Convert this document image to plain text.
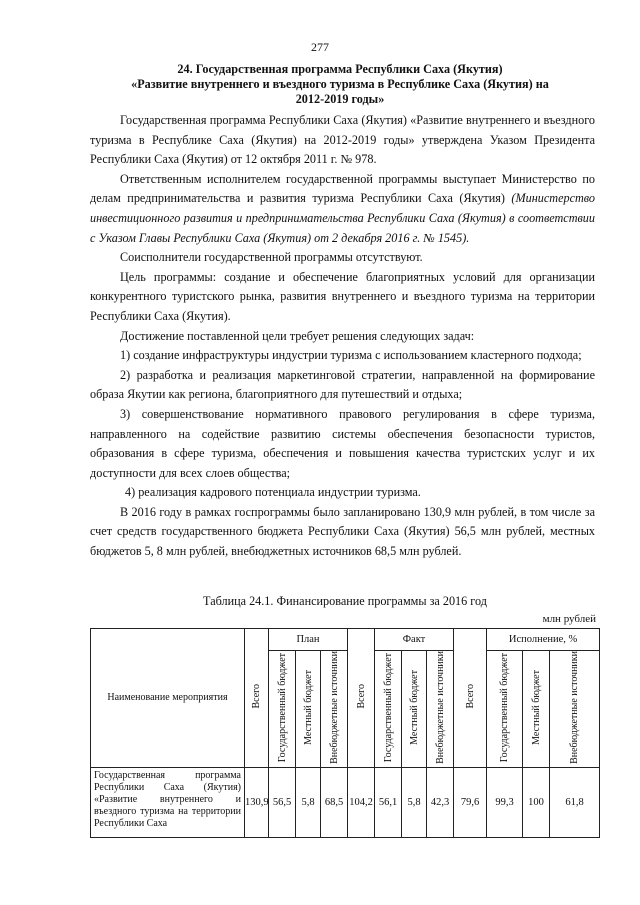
277
24. Государственная программа Республики Саха (Якутия)
«Развитие внутреннего и въездного туризма в Республике Саха (Якутия) на
2012-2019 годы»

Государственная программа Республики Саха (Якутия) «Развитие внутреннего и въездного туризма в Республике Саха (Якутия) на 2012-2019 годы» утверждена Указом Президента Республики Саха (Якутия) от 12 октября 2011 г. № 978.

Ответственным исполнителем государственной программы выступает Министерство по делам предпринимательства и развития туризма Республики Саха (Якутия) (Министерство инвестиционного развития и предпринимательства Республики Саха (Якутия) в соответствии с Указом Главы Республики Саха (Якутия) от 2 декабря 2016 г. № 1545).

Соисполнители государственной программы отсутствуют.

Цель программы: создание и обеспечение благоприятных условий для организации конкурентного туристского рынка, развития внутреннего и въездного туризма на территории Республики Саха (Якутия).

Достижение поставленной цели требует решения следующих задач:

1) создание инфраструктуры индустрии туризма с использованием кластерного подхода;

2) разработка и реализация маркетинговой стратегии, направленной на формирование образа Якутии как региона, благоприятного для путешествий и отдыха;

3) совершенствование нормативного правового регулирования в сфере туризма, направленного на содействие развитию системы обеспечения безопасности туристов, образования в сфере туризма, обеспечения и повышения качества туристских услуг и их доступности для всех слоев общества;

4) реализация кадрового потенциала индустрии туризма.

В 2016 году в рамках госпрограммы было запланировано 130,9 млн рублей, в том числе за счет средств государственного бюджета Республики Саха (Якутия) 56,5 млн рублей, местных бюджетов 5, 8 млн рублей, внебюджетных источников 68,5 млн рублей.

Таблица 24.1. Финансирование программы за 2016 год
млн рублей
Наименование мероприятия	Всего	План			Всего	Факт			Всего	Исполнение, %		
		Государственный бюджет	Местный бюджет	Внебюджетные источники		Государственный бюджет	Местный бюджет	Внебюджетные источники		Государственный бюджет	Местный бюджет	Внебюджетные источники
Государственная программа Республики Саха (Якутия) «Развитие внутреннего и въездного туризма на территории Республики Саха	130,9	56,5	5,8	68,5	104,2	56,1	5,8	42,3	79,6	99,3	100	61,8
